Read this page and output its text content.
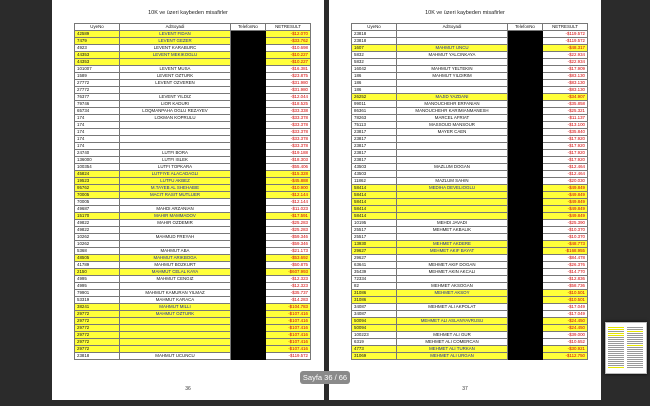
10K ve üzeri kaybeden misafirler
UyeNo	AdSoyadi	TelefonNo	NETRESULT
42589	LEVENT FIDAN		-$12.070
7479	LEVENT GEZER		-$33.762
4923	LEVENT KARABURC		-$10.698
44353	LEVENT MEKIKOGLU		-$10.227
44353			-$10.227
101007	LEVENT MUSA		-$16.381
1589	LEVENT OZTURK		-$23.875
27772	LEVENT OZVEREN		-$31.980
27772			-$31.980
76377	LEVENT YILDIZ		-$12.044
79746	LIOR KADURI		-$18.525
65734	LOQMANPAHA OGLU REZAYEV		-$33.338
174	LOKMAN KOPRULU		-$33.378
174			-$33.378
174			-$33.378
174			-$33.378
174			-$33.378
24740	LUTFI BORA		-$19.188
136000	LUTFI ISLEK		-$18.303
100354	LUTFI TOPKARA		-$55.406
45824	LUTFIYE ALACADAGLI		-$15.328
19523	LUTFU AKBEZ		-$45.888
95762	M.TAYEB AL SHEHABIE		-$10.900
70005	MACIT RASIT MUTLUER		-$12.144
70005			-$12.144
49687	MAHDI ARZANIAN		-$11.023
15170	MAHIR MAMMADOV		-$17.591
49822	MAHIR OZDEMIR		-$25.283
49822			-$25.283
10262	MAHMUD FREYAH		-$59.346
10262			-$59.346
5368	MAHMUT ABA		-$21.173
48505	MAHMUT ARIKBOGA		-$53.692
41789	MAHMUT BOZKURT		-$50.875
2150	MAHMUT CELAL KAYA		-$607.993
4995	MAHMUT CENGIZ		-$12.323
4995			-$12.323
79901	MAHMUT KAMURAN YILMAZ		-$35.737
53319	MAHMUT KARACA		-$14.283
38241	MAHMUT MILLI		-$104.783
29772	MAHMUT OZTURK		-$107.416
29772			-$107.416
29772			-$107.416
29772			-$107.416
29772			-$107.416
29772			-$107.416
23818	MAHMUT UCUNCU		-$119.572
36
10K ve üzeri kaybeden misafirler
UyeNo	AdSoyadi	TelefonNo	NETRESULT
23818			-$119.572
23818			-$119.572
1607	MAHMUT UNCU		-$48.317
5832	MAHMUT YALCINKAYA		-$22.934
5832			-$22.934
16042	MAHMUT YELTEKIN		-$17.909
186	MAHMUT YILDIRIM		-$83.130
186			-$83.130
186			-$83.130
26252	MAJID YAZDANI		-$34.907
99011	MANOUCHEHR ERFANIAN		-$35.858
86361	MANOUCHEHR KARIMIANMANESH		-$25.321
78263	MARCEL AFRIAT		-$11.137
75113	MASSOUD MANSOUR		-$13.100
23817	MAYER CAEN		-$35.840
23817			-$17.920
23817			-$17.920
23817			-$17.920
23817			-$17.920
43503	MAZLUM DOGAN		-$12.464
43503			-$12.464
11862	MAZLUM SAHIN		-$20.030
58414	MEDIHA DEVELIOGLU		-$49.849
58414			-$49.849
58414			-$49.849
58414			-$49.849
58414			-$49.849
10195	MEHDI JAVADI		-$25.390
25517	MEHMET AKBALIK		-$10.370
25517			-$10.370
13930	MEHMET AKDERE		-$48.773
29627	MEHMET AKIF BAYAT		-$168.955
29627			-$84.478
63641	MEHMET AKIF DOGAN		-$26.376
35439	MEHMET AKIN AKCALI		-$14.770
72334			-$12.836
82	MEHMET AKSOGAN		-$58.736
31086	MEHMET AKSOY		-$10.501
31086			-$10.501
34087	MEHMET ALI AKPOLAT		-$17.049
34087			-$17.049
50094	MEHMET ALI ASLANYAVRUSU		-$24.450
50094			-$24.450
100223	MEHMET ALI GUR		-$39.000
6319	MEHMET ALI COMERCAN		-$10.652
4773	MEHMET ALI TURKAN		-$30.921
31069	MEHMET ALI URGAN		-$112.750
37
Sayfa 36 / 66
